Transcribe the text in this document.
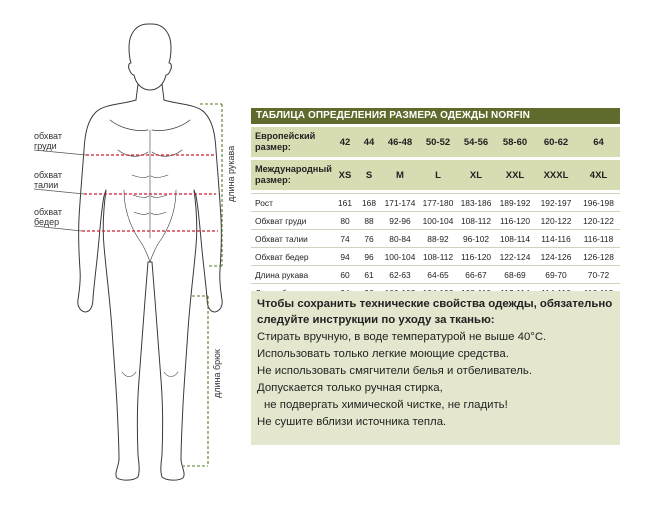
обхват
груди
обхват
талии
обхват
бедер
длина рукава
длина брюк
ТАБЛИЦА ОПРЕДЕЛЕНИЯ РАЗМЕРА ОДЕЖДЫ NORFIN

Европейский
размер:	42	44	46-48	50-52	54-56	58-60	60-62	64

Международный
размер:	XS	S	M	L	XL	XXL	XXXL	4XL

Рост	161	168	171-174	177-180	183-186	189-192	192-197	196-198
Обхват груди	80	88	92-96	100-104	108-112	116-120	120-122	120-122
Обхват талии	74	76	80-84	88-92	96-102	108-114	114-116	116-118
Обхват бедер	94	96	100-104	108-112	116-120	122-124	124-126	126-128
Длина рукава	60	61	62-63	64-65	66-67	68-69	69-70	70-72

Чтобы сохранить технические свойства одежды, обязательно
следуйте инструкции по уходу за тканью:
Стирать вручную, в воде температурой не выше 40°C.
Использовать только легкие моющие средства.
Не использовать смягчители белья и отбеливатель.
Допускается только ручная стирка,
не подвергать химической чистке, не гладить!
Не сушите вблизи источника тепла.
